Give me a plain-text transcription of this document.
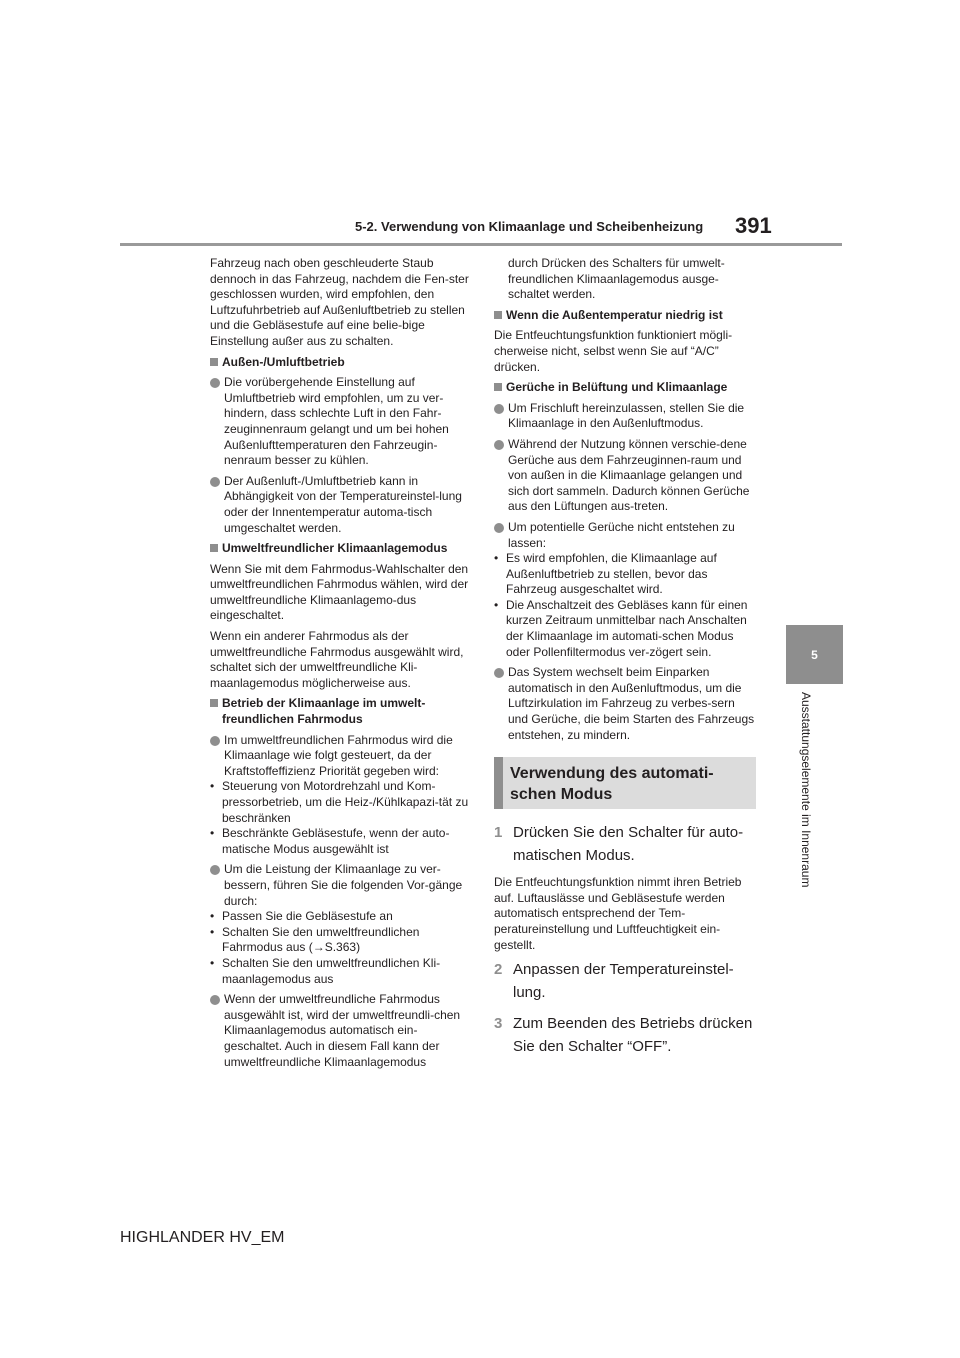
5-2. Verwendung von Klimaanlage und Scheibenheizung 391
5
Ausstattungselemente im Innenraum

Fahrzeug nach oben geschleuderte Staub dennoch in das Fahrzeug, nachdem die Fen-ster geschlossen wurden, wird empfohlen, den Luftzufuhrbetrieb auf Außenluftbetrieb zu stellen und die Gebläsestufe auf eine belie-bige Einstellung außer aus zu schalten.

Außen-/Umluftbetrieb
Die vorübergehende Einstellung auf Umluftbetrieb wird empfohlen, um zu ver-hindern, dass schlechte Luft in den Fahr-zeuginnenraum gelangt und um bei hohen Außenlufttemperaturen den Fahrzeugin-nenraum besser zu kühlen.
Der Außenluft-/Umluftbetrieb kann in Abhängigkeit von der Temperatureinstel-lung oder der Innentemperatur automa-tisch umgeschaltet werden.
Umweltfreundlicher Klimaanlagemodus

Wenn Sie mit dem Fahrmodus-Wahlschalter den umweltfreundlichen Fahrmodus wählen, wird der umweltfreundliche Klimaanlagemo-dus eingeschaltet.

Wenn ein anderer Fahrmodus als der umweltfreundliche Fahrmodus ausgewählt wird, schaltet sich der umweltfreundliche Kli-maanlagemodus möglicherweise aus.

Betrieb der Klimaanlage im umwelt-freundlichen Fahrmodus
Im umweltfreundlichen Fahrmodus wird die Klimaanlage wie folgt gesteuert, da der Kraftstoffeffizienz Priorität gegeben wird:
• Steuerung von Motordrehzahl und Kom-pressorbetrieb, um die Heiz-/Kühlkapazi-tät zu beschränken
• Beschränkte Gebläsestufe, wenn der auto-matische Modus ausgewählt ist
Um die Leistung der Klimaanlage zu ver-bessern, führen Sie die folgenden Vor-gänge durch:
• Passen Sie die Gebläsestufe an
• Schalten Sie den umweltfreundlichen Fahrmodus aus (→S.363)
• Schalten Sie den umweltfreundlichen Kli-maanlagemodus aus
Wenn der umweltfreundliche Fahrmodus ausgewählt ist, wird der umweltfreundli-chen Klimaanlagemodus automatisch ein-geschaltet. Auch in diesem Fall kann der umweltfreundliche Klimaanlagemodus

durch Drücken des Schalters für umwelt-freundlichen Klimaanlagemodus ausge-schaltet werden.

Wenn die Außentemperatur niedrig ist

Die Entfeuchtungsfunktion funktioniert mögli-cherweise nicht, selbst wenn Sie auf “A/C” drücken.

Gerüche in Belüftung und Klimaanlage
Um Frischluft hereinzulassen, stellen Sie die Klimaanlage in den Außenluftmodus.
Während der Nutzung können verschie-dene Gerüche aus dem Fahrzeuginnen-raum und von außen in die Klimaanlage gelangen und sich dort sammeln. Dadurch können Gerüche aus den Lüftungen aus-treten.
Um potentielle Gerüche nicht entstehen zu lassen:
• Es wird empfohlen, die Klimaanlage auf Außenluftbetrieb zu stellen, bevor das Fahrzeug ausgeschaltet wird.
• Die Anschaltzeit des Gebläses kann für einen kurzen Zeitraum unmittelbar nach Anschalten der Klimaanlage im automati-schen Modus oder Pollenfiltermodus ver-zögert sein.
Das System wechselt beim Einparken automatisch in den Außenluftmodus, um die Luftzirkulation im Fahrzeug zu verbes-sern und Gerüche, die beim Starten des Fahrzeugs entstehen, zu mindern.
Verwendung des automati-
schen Modus
1 Drücken Sie den Schalter für auto-matischen Modus.

Die Entfeuchtungsfunktion nimmt ihren Betrieb auf. Luftauslässe und Gebläsestufe werden automatisch entsprechend der Tem-peratureinstellung und Luftfeuchtigkeit ein-gestellt.

2 Anpassen der Temperatureinstel-lung.
3 Zum Beenden des Betriebs drücken Sie den Schalter “OFF”.
HIGHLANDER HV_EM
